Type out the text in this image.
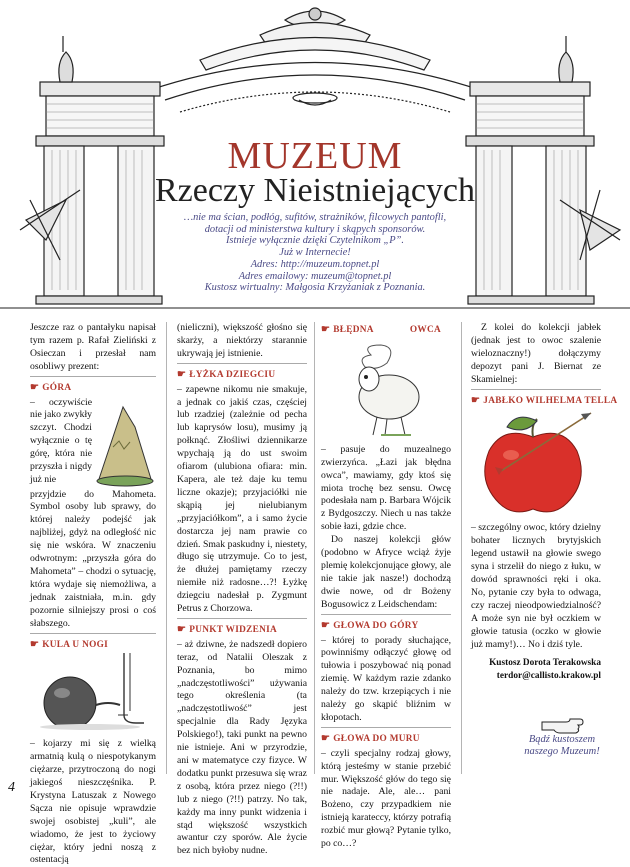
MUZEUM
Rzeczy Nieistniejących
…nie ma ścian, podłóg, sufitów, strażników, filcowych pantofli,
dotacji od ministerstwa kultury i skąpych sponsorów.
Istnieje wyłącznie dzięki Czytelnikom „P”.
Już w Internecie!
Adres: http://muzeum.topnet.pl
Adres emailowy: muzeum@topnet.pl
Kustosz wirtualny: Małgosia Krzyżaniak z Poznania.

Jeszcze raz o pantałyku napisał tym razem p. Rafał Zieliński z Osieczan i przesłał nam osobliwy prezent:

☛ GÓRA

– oczywiście nie jako zwykły szczyt. Chodzi wyłącznie o tę górę, która nie przyszła i nigdy już nie

przyjdzie do Mahometa. Symbol osoby lub sprawy, do której należy podejść jak najbliżej, gdyż na odległość nic się nie wskóra. W znaczeniu odwrotnym: „przyszła góra do Mahometa” – chodzi o sytuację, która wydaje się niemożliwa, a jednak zaistniała, m.in. gdy pozornie silniejszy prosi o coś słabszego.

☛ KULA U NOGI

– kojarzy mi się z wielką armatnią kulą o niespotykanym ciężarze, przytroczoną do nogi jakiegoś nieszczęśnika. P. Krystyna Latuszak z Nowego Sącza nie opisuje wprawdzie swojej osobistej „kuli”, ale wiadomo, że jest to życiowy ciężar, który jedni noszą z ostentacją

(nieliczni), większość głośno się skarży, a niektórzy starannie ukrywają jej istnienie.

☛ ŁYŻKA DZIEGCIU

– zapewne nikomu nie smakuje, a jednak co jakiś czas, częściej lub rzadziej (zależnie od pecha lub kaprysów losu), musimy ją połknąć. Złośliwi dziennikarze wpychają ją do ust swoim ofiarom (ulubiona ofiara: min. Kapera, ale też daje ku temu liczne okazje); przyjaciółki nie skąpią jej nielubianym „przyjaciółkom”, a i samo życie dostarcza jej nam prawie co dzień. Smak paskudny i, niestety, długo się utrzymuje. Co to jest, że dłużej pamiętamy rzeczy niemiłe niż radosne…?! Łyżkę dziegciu nadesłał p. Zygmunt Petrus z Chorzowa.

☛ PUNKT WIDZENIA

– aż dziwne, że nadszedł dopiero teraz, od Natalii Oleszak z Poznania, bo mimo „nadczęstotliwości” używania tego określenia (ta „nadczęstotliwość” jest specjalnie dla Rady Języka Polskiego!), taki punkt na pewno nie istnieje. Ani w przyrodzie, ani w matematyce czy fizyce. W dodatku punkt przesuwa się wraz z osobą, która przez niego (?!!) lub z niego (?!!) patrzy. No tak, każdy ma inny punkt widzenia i stąd większość wszystkich awantur czy sporów. Ale życie bez nich byłoby nudne.

☛ BŁĘDNA	OWCA

– pasuje do muzealnego zwierzyńca. „Łazi jak błędna owca”, mawiamy, gdy ktoś się miota trochę bez sensu. Owcę podesłała nam p. Barbara Wójcik z Bydgoszczy. Niech u nas także sobie łazi, gdzie chce.

Do naszej kolekcji głów (podobno w Afryce wciąż żyje plemię kolekcjonujące głowy, ale nie takie jak nasze!) dochodzą dwie nowe, od dr Bożeny Bogusowicz z Leidschendam:

☛ GŁOWA DO GÓRY

– której to porady słuchające, powinniśmy odłączyć głowę od tułowia i poszybować nią ponad ziemię. W każdym razie zdanko należy do tzw. krzepiących i nie należy go skąpić bliźnim w kłopotach.

☛ GŁOWA DO MURU

– czyli specjalny rodzaj głowy, którą jesteśmy w stanie przebić mur. Większość głów do tego się nie nadaje. Ale, ale… pani Bożeno, czy przypadkiem nie istnieją karateccy, którzy potrafią rozbić mur głową? Pytanie tylko, po co…?

Z kolei do kolekcji jabłek (jednak jest to owoc szalenie wieloznaczny!) dołączymy depozyt pani J. Biernat ze Skamielnej:

☛ JABŁKO WILHELMA TELLA

– szczególny owoc, który dzielny bohater licznych brytyjskich legend ustawił na głowie swego syna i strzelił do niego z łuku, w dowód sprawności ręki i oka. No, pytanie czy była to odwaga, czy raczej nieodpowiedzialność? A może syn nie był oczkiem w głowie tatusia (oczko w głowie już mamy!)… No i dziś tyle.

Kustosz Dorota Terakowska

terdor@callisto.krakow.pl

Bądź kustoszem
naszego Muzeum!
4
